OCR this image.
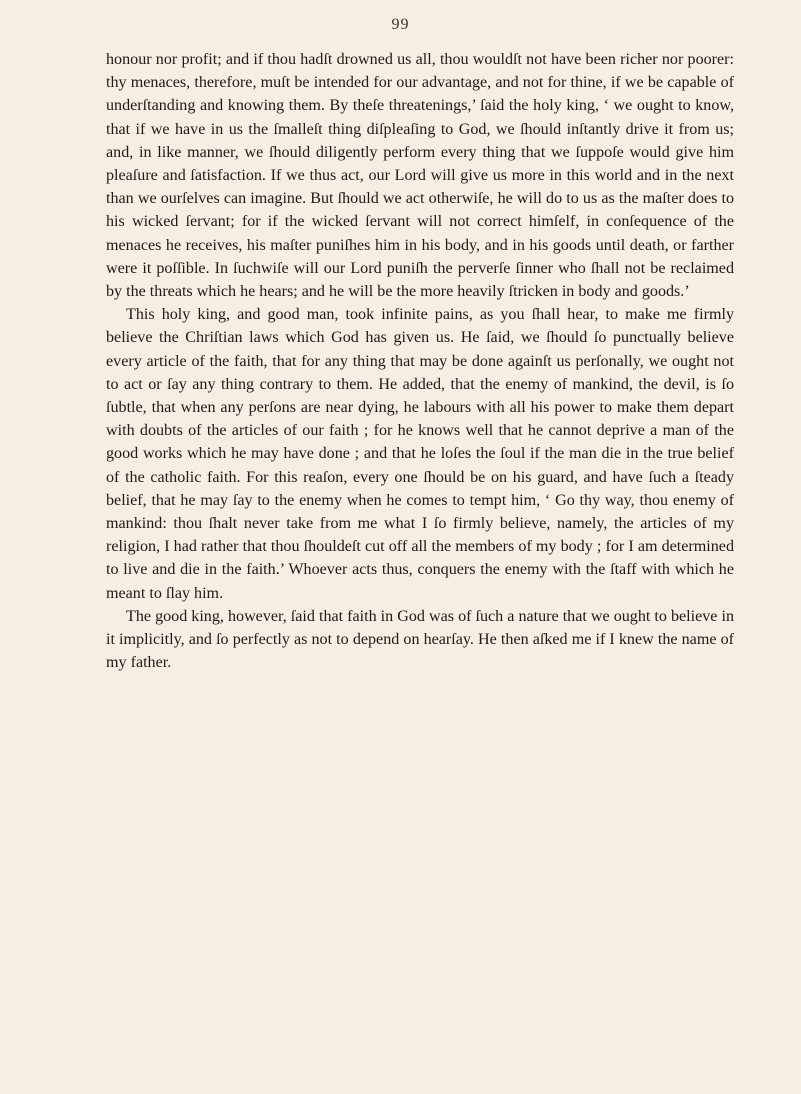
99

honour nor profit; and if thou hadſt drowned us all, thou wouldſt not have been richer nor poorer: thy menaces, therefore, muſt be intended for our advantage, and not for thine, if we be capable of underſtanding and knowing them. By theſe threatenings,’ ſaid the holy king, ‘ we ought to know, that if we have in us the ſmalleſt thing diſpleaſing to God, we ſhould inſtantly drive it from us; and, in like manner, we ſhould diligently perform every thing that we ſuppoſe would give him pleaſure and ſatisfaction. If we thus act, our Lord will give us more in this world and in the next than we ourſelves can imagine. But ſhould we act otherwiſe, he will do to us as the maſter does to his wicked ſervant; for if the wicked ſervant will not correct himſelf, in conſequence of the menaces he receives, his maſter puniſhes him in his body, and in his goods until death, or farther were it poſſible. In ſuchwiſe will our Lord puniſh the perverſe ſinner who ſhall not be reclaimed by the threats which he hears; and he will be the more heavily ſtricken in body and goods.’

This holy king, and good man, took infinite pains, as you ſhall hear, to make me firmly believe the Chriſtian laws which God has given us. He ſaid, we ſhould ſo punctually believe every article of the faith, that for any thing that may be done againſt us perſonally, we ought not to act or ſay any thing contrary to them. He added, that the enemy of mankind, the devil, is ſo ſubtle, that when any perſons are near dying, he labours with all his power to make them depart with doubts of the articles of our faith ; for he knows well that he cannot deprive a man of the good works which he may have done ; and that he loſes the ſoul if the man die in the true belief of the catholic faith. For this reaſon, every one ſhould be on his guard, and have ſuch a ſteady belief, that he may ſay to the enemy when he comes to tempt him, ‘ Go thy way, thou enemy of mankind: thou ſhalt never take from me what I ſo firmly believe, namely, the articles of my religion, I had rather that thou ſhouldeſt cut off all the members of my body ; for I am determined to live and die in the faith.’ Whoever acts thus, conquers the enemy with the ſtaff with which he meant to ſlay him.

The good king, however, ſaid that faith in God was of ſuch a nature that we ought to believe in it implicitly, and ſo perfectly as not to depend on hearſay. He then aſked me if I knew the name of my father.
